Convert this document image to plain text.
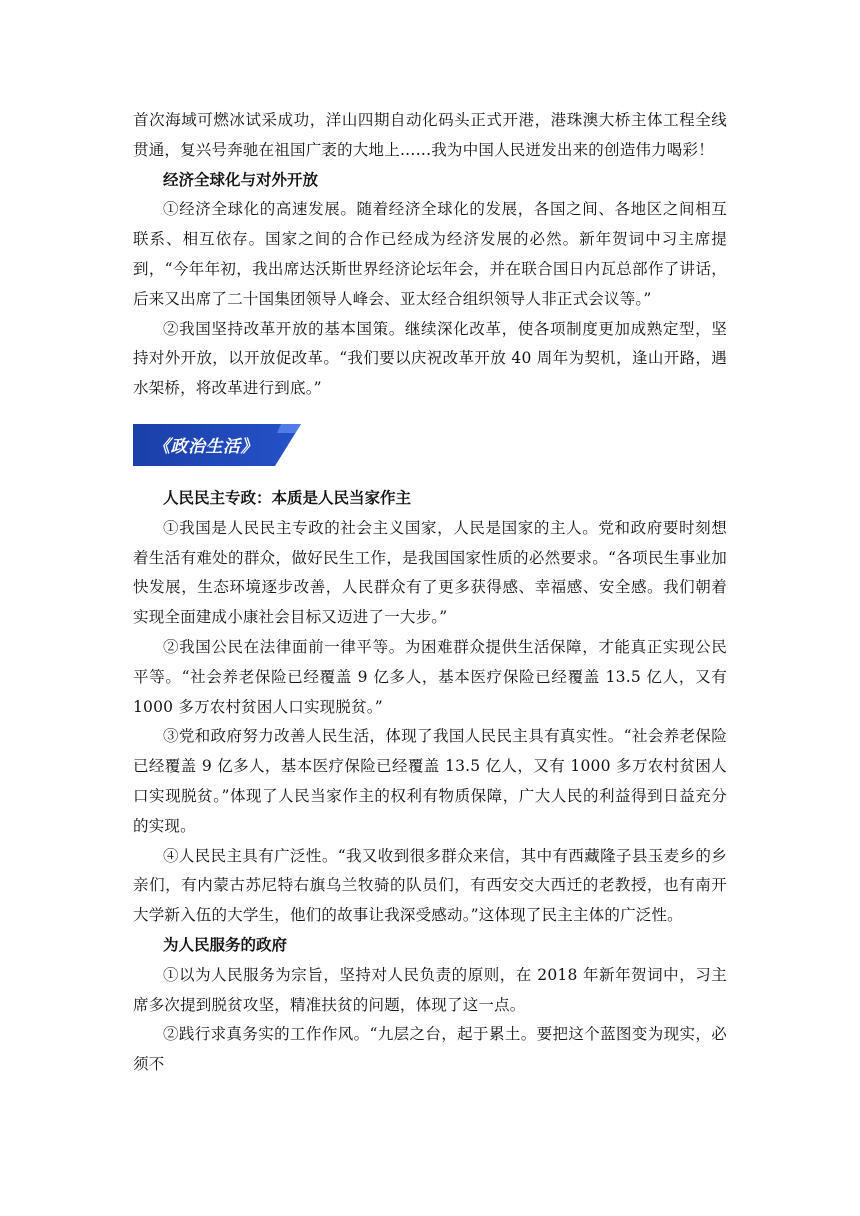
首次海域可燃冰试采成功，洋山四期自动化码头正式开港，港珠澳大桥主体工程全线贯通，复兴号奔驰在祖国广袤的大地上……我为中国人民迸发出来的创造伟力喝彩！

经济全球化与对外开放

①经济全球化的高速发展。随着经济全球化的发展，各国之间、各地区之间相互联系、相互依存。国家之间的合作已经成为经济发展的必然。新年贺词中习主席提到，“今年年初，我出席达沃斯世界经济论坛年会，并在联合国日内瓦总部作了讲话，后来又出席了二十国集团领导人峰会、亚太经合组织领导人非正式会议等。”

②我国坚持改革开放的基本国策。继续深化改革，使各项制度更加成熟定型，坚持对外开放，以开放促改革。“我们要以庆祝改革开放 40 周年为契机，逢山开路，遇水架桥，将改革进行到底。”

《政治生活》
人民民主专政：本质是人民当家作主

①我国是人民民主专政的社会主义国家，人民是国家的主人。党和政府要时刻想着生活有难处的群众，做好民生工作，是我国国家性质的必然要求。“各项民生事业加快发展，生态环境逐步改善，人民群众有了更多获得感、幸福感、安全感。我们朝着实现全面建成小康社会目标又迈进了一大步。”

②我国公民在法律面前一律平等。为困难群众提供生活保障，才能真正实现公民平等。“社会养老保险已经覆盖 9 亿多人，基本医疗保险已经覆盖 13.5 亿人，又有 1000 多万农村贫困人口实现脱贫。”

③党和政府努力改善人民生活，体现了我国人民民主具有真实性。“社会养老保险已经覆盖 9 亿多人，基本医疗保险已经覆盖 13.5 亿人，又有 1000 多万农村贫困人口实现脱贫。”体现了人民当家作主的权利有物质保障，广大人民的利益得到日益充分的实现。

④人民民主具有广泛性。“我又收到很多群众来信，其中有西藏隆子县玉麦乡的乡亲们，有内蒙古苏尼特右旗乌兰牧骑的队员们，有西安交大西迁的老教授，也有南开大学新入伍的大学生，他们的故事让我深受感动。”这体现了民主主体的广泛性。

为人民服务的政府

①以为人民服务为宗旨，坚持对人民负责的原则，在 2018 年新年贺词中，习主席多次提到脱贫攻坚，精准扶贫的问题，体现了这一点。

②践行求真务实的工作作风。“九层之台，起于累土。要把这个蓝图变为现实，必须不
